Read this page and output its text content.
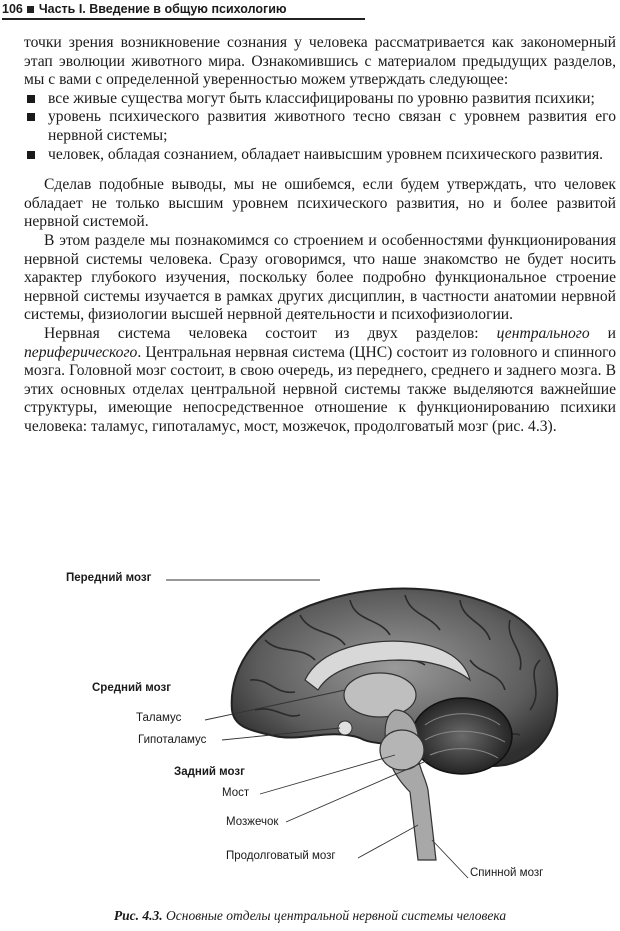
106 Часть I. Введение в общую психологию

точки зрения возникновение сознания у человека рассматривается как закономерный этап эволюции животного мира. Ознакомившись с материалом предыдущих разделов, мы с вами с определенной уверенностью можем утверждать следующее:

все живые существа могут быть классифицированы по уровню развития психики;
уровень психического развития животного тесно связан с уровнем развития его нервной системы;
человек, обладая сознанием, обладает наивысшим уровнем психического развития.

Сделав подобные выводы, мы не ошибемся, если будем утверждать, что человек обладает не только высшим уровнем психического развития, но и более развитой нервной системой.

В этом разделе мы познакомимся со строением и особенностями функционирования нервной системы человека. Сразу оговоримся, что наше знакомство не будет носить характер глубокого изучения, поскольку более подробно функциональное строение нервной системы изучается в рамках других дисциплин, в частности анатомии нервной системы, физиологии высшей нервной деятельности и психофизиологии.

Нервная система человека состоит из двух разделов: центрального и периферического. Центральная нервная система (ЦНС) состоит из головного и спинного мозга. Головной мозг состоит, в свою очередь, из переднего, среднего и заднего мозга. В этих основных отделах центральной нервной системы также выделяются важнейшие структуры, имеющие непосредственное отношение к функционированию психики человека: таламус, гипоталамус, мост, мозжечок, продолговатый мозг (рис. 4.3).

Передний мозг
Средний мозг
Таламус
Гипоталамус
Задний мозг
Мост
Мозжечок
Продолговатый мозг
Спинной мозг
Рис. 4.3. Основные отделы центральной нервной системы человека
